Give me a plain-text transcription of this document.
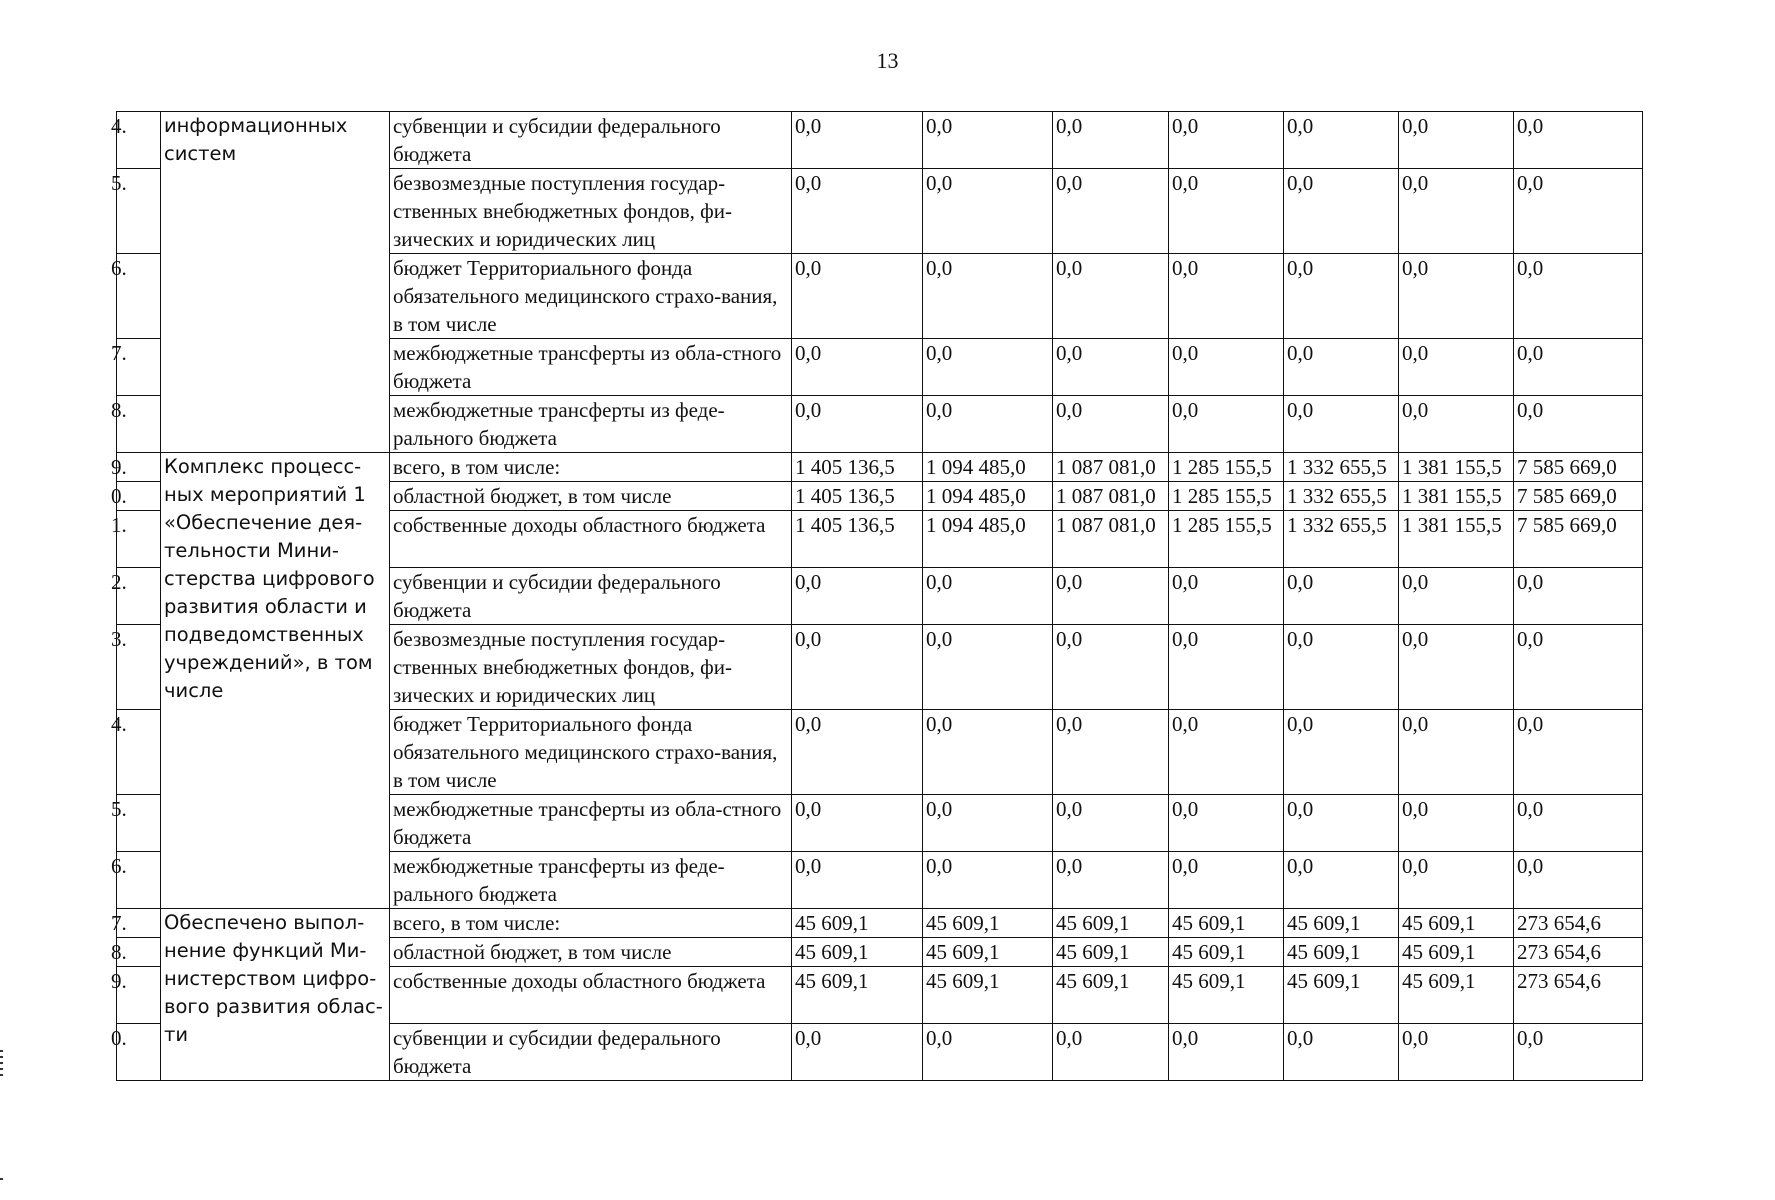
13
4.	информационных систем	субвенции и субсидии федерального бюджета	0,0	0,0	0,0	0,0	0,0	0,0	0,0
5.		безвозмездные поступления государ-ственных внебюджетных фондов, фи-зических и юридических лиц	0,0	0,0	0,0	0,0	0,0	0,0	0,0
6.		бюджет Территориального фонда обязательного медицинского страхо-вания, в том числе	0,0	0,0	0,0	0,0	0,0	0,0	0,0
7.		межбюджетные трансферты из обла-стного бюджета	0,0	0,0	0,0	0,0	0,0	0,0	0,0
8.		межбюджетные трансферты из феде-рального бюджета	0,0	0,0	0,0	0,0	0,0	0,0	0,0
9.	Комплекс процесс-ных мероприятий 1 «Обеспечение дея-тельности Мини-стерства цифрового развития области и подведомственных учреждений», в том числе	всего, в том числе:	1 405 136,5	1 094 485,0	1 087 081,0	1 285 155,5	1 332 655,5	1 381 155,5	7 585 669,0
0.		областной бюджет, в том числе	1 405 136,5	1 094 485,0	1 087 081,0	1 285 155,5	1 332 655,5	1 381 155,5	7 585 669,0
1.		собственные доходы областного бюджета	1 405 136,5	1 094 485,0	1 087 081,0	1 285 155,5	1 332 655,5	1 381 155,5	7 585 669,0
2.		субвенции и субсидии федерального бюджета	0,0	0,0	0,0	0,0	0,0	0,0	0,0
3.		безвозмездные поступления государ-ственных внебюджетных фондов, фи-зических и юридических лиц	0,0	0,0	0,0	0,0	0,0	0,0	0,0
4.		бюджет Территориального фонда обязательного медицинского страхо-вания, в том числе	0,0	0,0	0,0	0,0	0,0	0,0	0,0
5.		межбюджетные трансферты из обла-стного бюджета	0,0	0,0	0,0	0,0	0,0	0,0	0,0
6.		межбюджетные трансферты из феде-рального бюджета	0,0	0,0	0,0	0,0	0,0	0,0	0,0
7.	Обеспечено выпол-нение функций Ми-нистерством цифро-вого развития облас-ти	всего, в том числе:	45 609,1	45 609,1	45 609,1	45 609,1	45 609,1	45 609,1	273 654,6
8.		областной бюджет, в том числе	45 609,1	45 609,1	45 609,1	45 609,1	45 609,1	45 609,1	273 654,6
9.		собственные доходы областного бюджета	45 609,1	45 609,1	45 609,1	45 609,1	45 609,1	45 609,1	273 654,6
0.		субвенции и субсидии федерального бюджета	0,0	0,0	0,0	0,0	0,0	0,0	0,0
